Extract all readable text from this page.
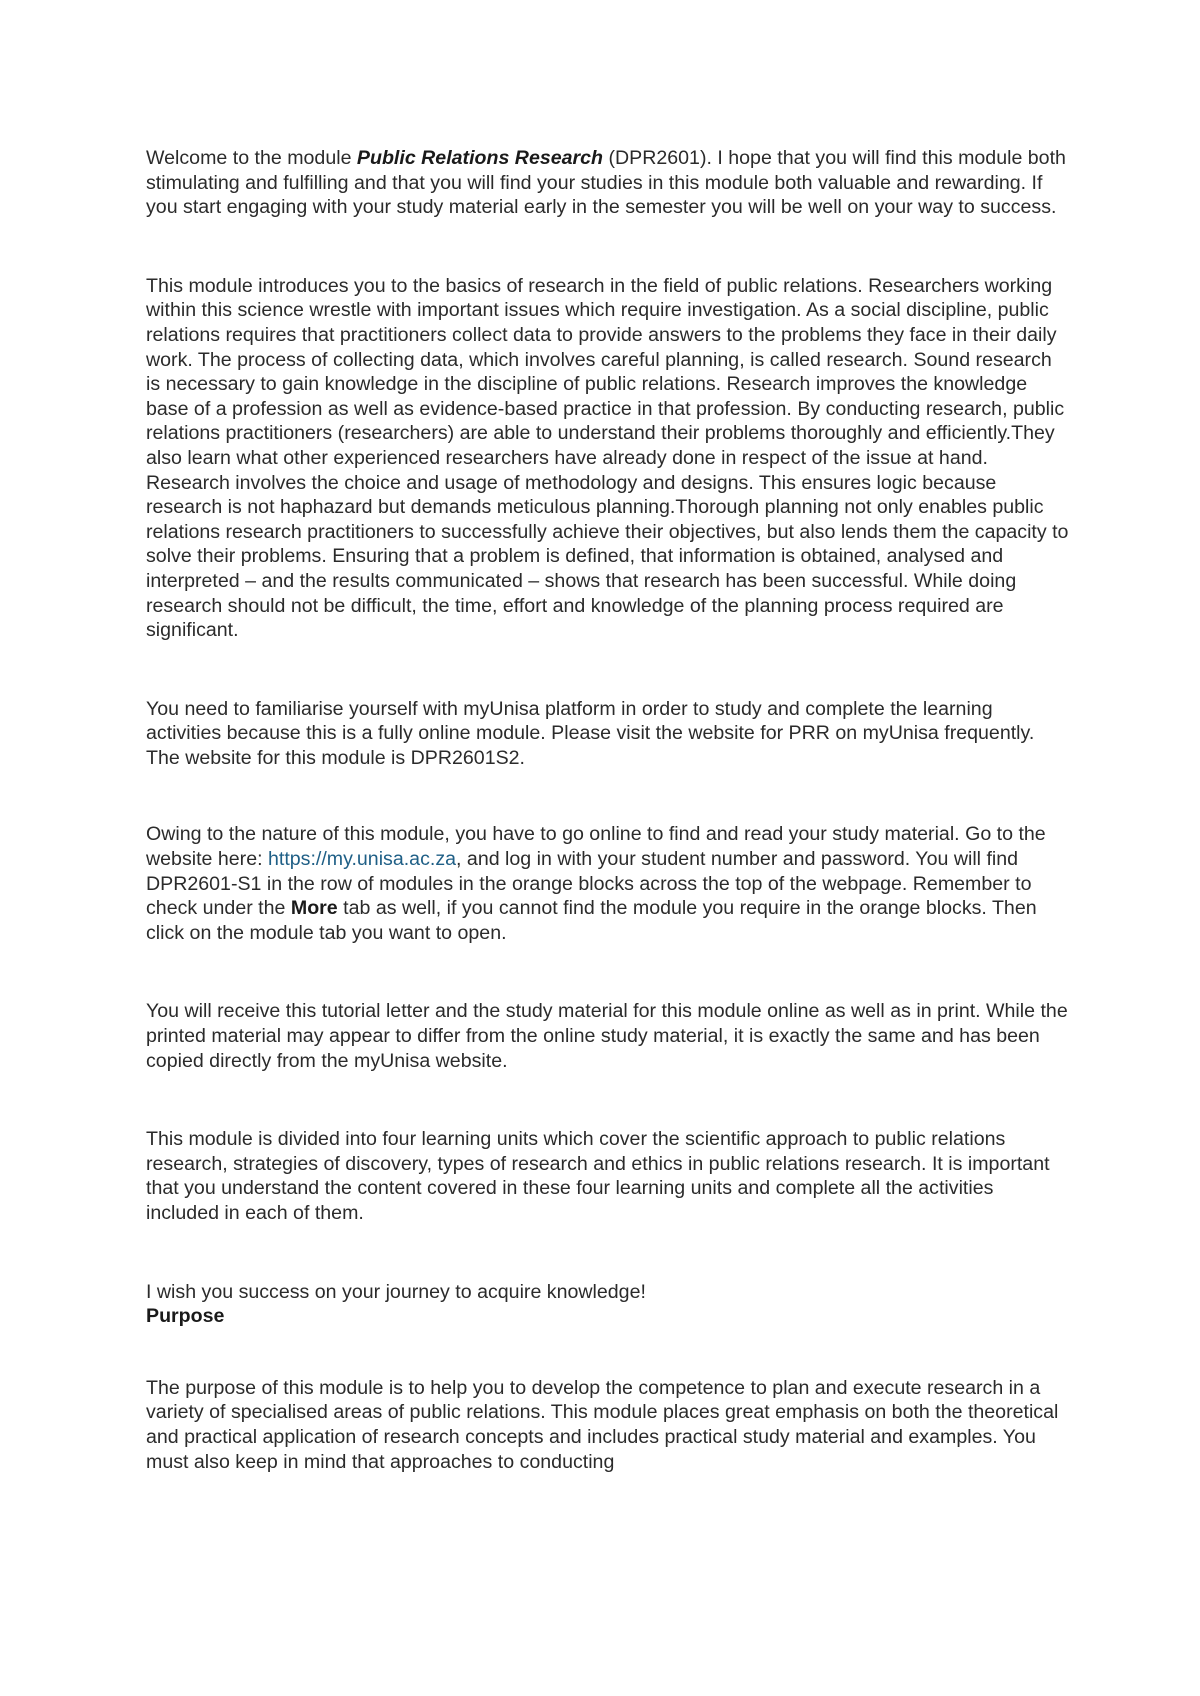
Welcome to the module Public Relations Research (DPR2601). I hope that you will find this module both stimulating and fulfilling and that you will find your studies in this module both valuable and rewarding. If you start engaging with your study material early in the semester you will be well on your way to success.

This module introduces you to the basics of research in the field of public relations. Researchers working within this science wrestle with important issues which require investigation. As a social discipline, public relations requires that practitioners collect data to provide answers to the problems they face in their daily work. The process of collecting data, which involves careful planning, is called research. Sound research is necessary to gain knowledge in the discipline of public relations. Research improves the knowledge base of a profession as well as evidence-based practice in that profession. By conducting research, public relations practitioners (researchers) are able to understand their problems thoroughly and efficiently.They also learn what other experienced researchers have already done in respect of the issue at hand. Research involves the choice and usage of methodology and designs. This ensures logic because research is not haphazard but demands meticulous planning.Thorough planning not only enables public relations research practitioners to successfully achieve their objectives, but also lends them the capacity to solve their problems. Ensuring that a problem is defined, that information is obtained, analysed and interpreted – and the results communicated – shows that research has been successful. While doing research should not be difficult, the time, effort and knowledge of the planning process required are significant.

You need to familiarise yourself with myUnisa platform in order to study and complete the learning activities because this is a fully online module. Please visit the website for PRR on myUnisa frequently. The website for this module is DPR2601S2.

Owing to the nature of this module, you have to go online to find and read your study material. Go to the website here: https://my.unisa.ac.za, and log in with your student number and password. You will find DPR2601-S1 in the row of modules in the orange blocks across the top of the webpage. Remember to check under the More tab as well, if you cannot find the module you require in the orange blocks. Then click on the module tab you want to open.

You will receive this tutorial letter and the study material for this module online as well as in print. While the printed material may appear to differ from the online study material, it is exactly the same and has been copied directly from the myUnisa website.

This module is divided into four learning units which cover the scientific approach to public relations research, strategies of discovery, types of research and ethics in public relations research. It is important that you understand the content covered in these four learning units and complete all the activities included in each of them.

I wish you success on your journey to acquire knowledge!

Purpose

The purpose of this module is to help you to develop the competence to plan and execute research in a variety of specialised areas of public relations. This module places great emphasis on both the theoretical and practical application of research concepts and includes practical study material and examples. You must also keep in mind that approaches to conducting
